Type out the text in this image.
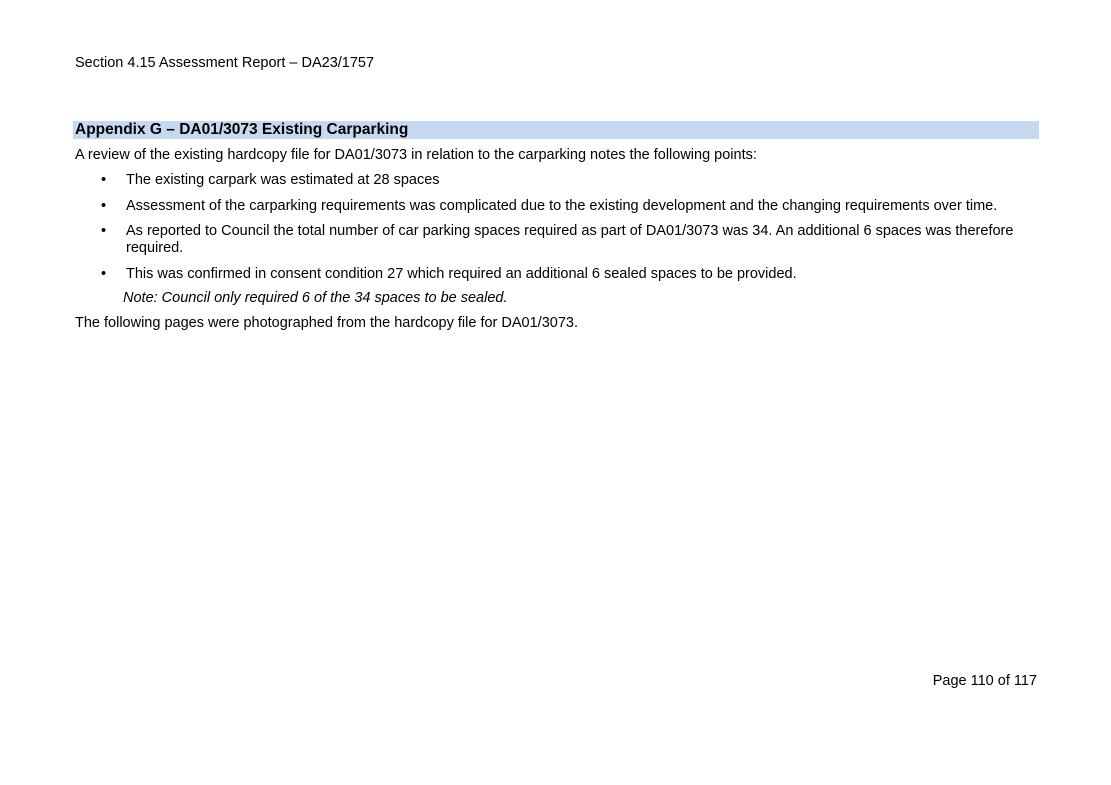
Section 4.15 Assessment Report – DA23/1757
Appendix G – DA01/3073 Existing Carparking
A review of the existing hardcopy file for DA01/3073 in relation to the carparking notes the following points:
• The existing carpark was estimated at 28 spaces
• Assessment of the carparking requirements was complicated due to the existing development and the changing requirements over time.
• As reported to Council the total number of car parking spaces required as part of DA01/3073 was 34. An additional 6 spaces was therefore required.
• This was confirmed in consent condition 27 which required an additional 6 sealed spaces to be provided.
Note: Council only required 6 of the 34 spaces to be sealed.
The following pages were photographed from the hardcopy file for DA01/3073.
Page 110 of 117
